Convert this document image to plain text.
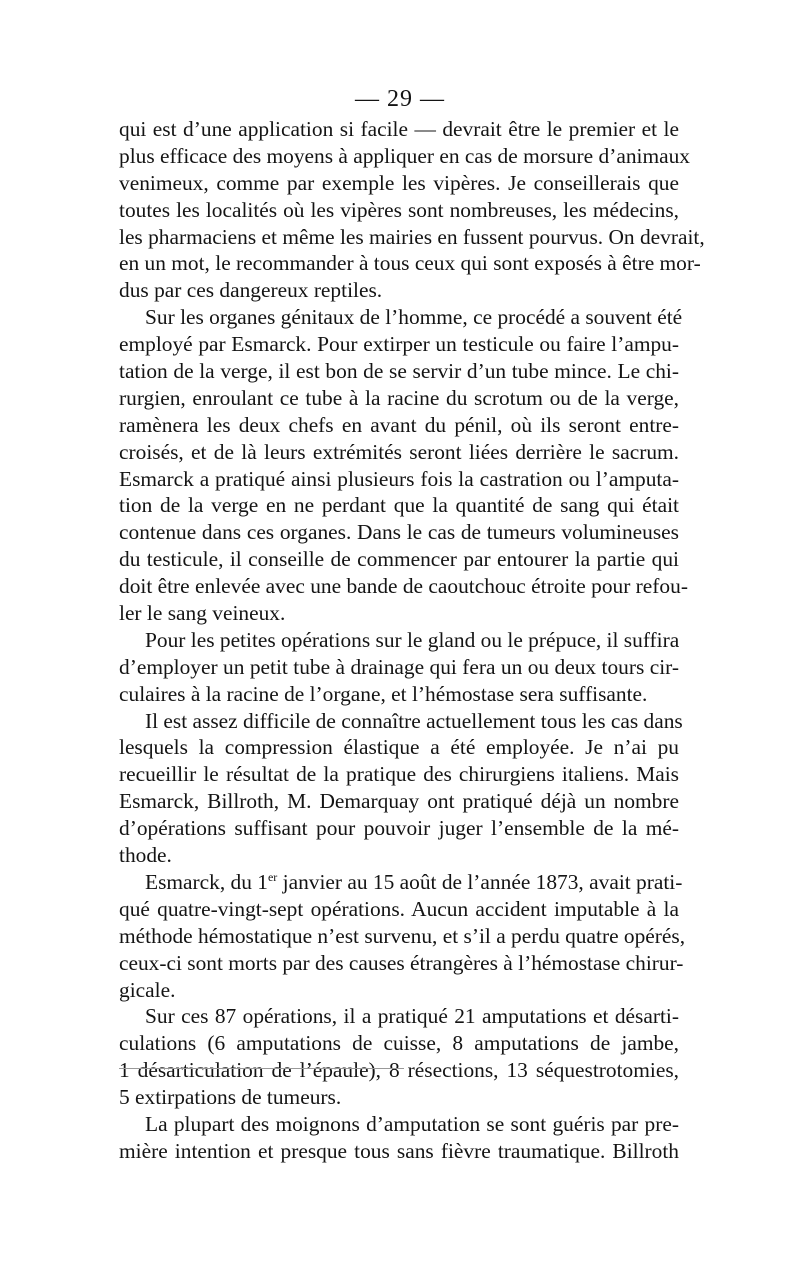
— 29 —
qui est d’une application si facile — devrait être le premier et le
plus efficace des moyens à appliquer en cas de morsure d’animaux
venimeux, comme par exemple les vipères. Je conseillerais que
toutes les localités où les vipères sont nombreuses, les médecins,
les pharmaciens et même les mairies en fussent pourvus. On devrait,
en un mot, le recommander à tous ceux qui sont exposés à être mor-
dus par ces dangereux reptiles.
Sur les organes génitaux de l’homme, ce procédé a souvent été
employé par Esmarck. Pour extirper un testicule ou faire l’ampu-
tation de la verge, il est bon de se servir d’un tube mince. Le chi-
rurgien, enroulant ce tube à la racine du scrotum ou de la verge,
ramènera les deux chefs en avant du pénil, où ils seront entre-
croisés, et de là leurs extrémités seront liées derrière le sacrum.
Esmarck a pratiqué ainsi plusieurs fois la castration ou l’amputa-
tion de la verge en ne perdant que la quantité de sang qui était
contenue dans ces organes. Dans le cas de tumeurs volumineuses
du testicule, il conseille de commencer par entourer la partie qui
doit être enlevée avec une bande de caoutchouc étroite pour refou-
ler le sang veineux.
Pour les petites opérations sur le gland ou le prépuce, il suffira
d’employer un petit tube à drainage qui fera un ou deux tours cir-
culaires à la racine de l’organe, et l’hémostase sera suffisante.
Il est assez difficile de connaître actuellement tous les cas dans
lesquels la compression élastique a été employée. Je n’ai pu
recueillir le résultat de la pratique des chirurgiens italiens. Mais
Esmarck, Billroth, M. Demarquay ont pratiqué déjà un nombre
d’opérations suffisant pour pouvoir juger l’ensemble de la mé-
thode.
Esmarck, du 1er janvier au 15 août de l’année 1873, avait prati-
qué quatre-vingt-sept opérations. Aucun accident imputable à la
méthode hémostatique n’est survenu, et s’il a perdu quatre opérés,
ceux-ci sont morts par des causes étrangères à l’hémostase chirur-
gicale.
Sur ces 87 opérations, il a pratiqué 21 amputations et désarti-
culations (6 amputations de cuisse, 8 amputations de jambe,
1 désarticulation de l’épaule), 8 résections, 13 séquestrotomies,
5 extirpations de tumeurs.
La plupart des moignons d’amputation se sont guéris par pre-
mière intention et presque tous sans fièvre traumatique. Billroth
